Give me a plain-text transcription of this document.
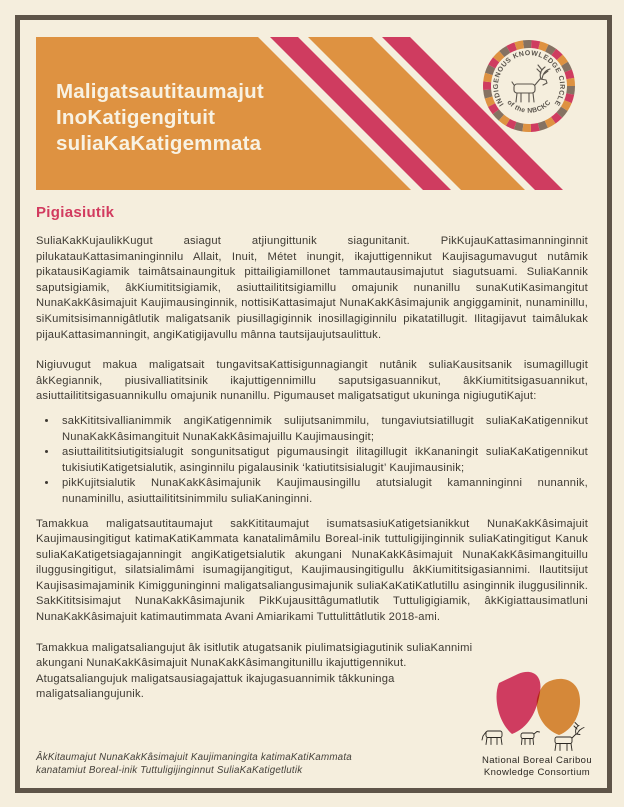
Maligatsautitaumajut
InoKatigengituit
suliaKaKatigemmata
INDIGENOUS KNOWLEDGE CIRCLE
of the NBCKC
Pigiasiutik

SuliaKakKujaulikKugut asiagut atjiungittunik siagunitanit. PikKujauKattasimanninginnit pilukatauKattasimaninginnilu Allait, Inuit, Métet inungit, ikajuttigennikut Kaujisagumavugut nutâmik pikatausiKagiamik taimâtsainaungituk pittailigiamillonet tammautausimajutut siagutsuami. SuliaKannik saputsigiamik, âkKiumititsigiamik, asiuttailititsigiamillu omajunik nunanillu sunaKutiKasimangitut NunaKakKâsimajuit Kaujimausinginnik, nottisiKattasimajut NunaKakKâsimajunik angiggaminit, nunaminillu, siKumitsisimannigâtlutik maligatsanik piusillagiginnik inosillagiginnilu pikatatillugit. Ilitagijavut taimâlukak pijauKattasimanningit, angiKatigijavullu mânna tautsijaujutsaulittuk.

Nigiuvugut makua maligatsait tungavitsaKattisigunnagiangit nutânik suliaKausitsanik isumagillugit âkKegiannik, piusivalliatitsinik ikajuttigennimillu saputsigasuannikut, âkKiumititsigasuannikut, asiuttailititsigasuannikullu omajunik nunanillu. Pigumauset maligatsatigut ukuninga nigiugutiKajut:

• sakKititsivallianimmik angiKatigennimik sulijutsanimmilu, tungaviutsiatillugit suliaKaKatigennikut NunaKakKâsimangituit NunaKakKâsimajuillu Kaujimausingit;
• asiuttailititsiutigitsialugit songunitsatigut pigumausingit ilitagillugit ikKananingit suliaKaKatigennikut tukisiutiKatigetsialutik, asinginnilu pigalausinik ‘katiutitsisialugit’ Kaujimausinik;
• pikKujitsialutik NunaKakKâsimajunik Kaujimausingillu atutsialugit kamanninginni nunannik, nunaminillu, asiuttailititsinimmilu suliaKaninginni.

Tamakkua maligatsautitaumajut sakKititaumajut isumatsasiuKatigetsianikkut NunaKakKâsimajuit Kaujimausingitigut katimaKatiKammata kanatalimâmilu Boreal-inik tuttuligijinginnik suliaKatingitigut Kanuk suliaKaKatigetsiagajanningit angiKatigetsialutik akungani NunaKakKâsimajuit NunaKakKâsimangituillu iluggusingitigut, silatsialimâmi isumagijangitigut, Kaujimausingitigullu âkKiumititsigasiannimi. Ilautitsijut Kaujisasimajaminik Kimigguninginni maligatsaliangusimajunik suliaKaKatiKatlutillu asinginnik iluggusilinnik. SakKititsisimajut NunaKakKâsimajunik PikKujausittâgumatlutik Tuttuligigiamik, âkKigiattausimatluni NunaKakKâsimajuit katimautimmata Avani Amiarikami Tuttulittâtlutik 2018-ami.

Tamakkua maligatsaliangujut âk isitlutik atugatsanik piulimatsigiagutinik suliaKannimi akungani NunaKakKâsimajuit NunaKakKâsimangitunillu ikajuttigennikut. Atugatsaliangujuk maligatsausiagajattuk ikajugasuannimik tâkkuninga maligatsaliangujunik.

National Boreal Caribou
Knowledge Consortium
ÂkKitaumajut NunaKakKâsimajuit Kaujimaningita katimaKatiKammata
kanatamiut Boreal-inik Tuttuligijinginnut SuliaKaKatigetlutik
